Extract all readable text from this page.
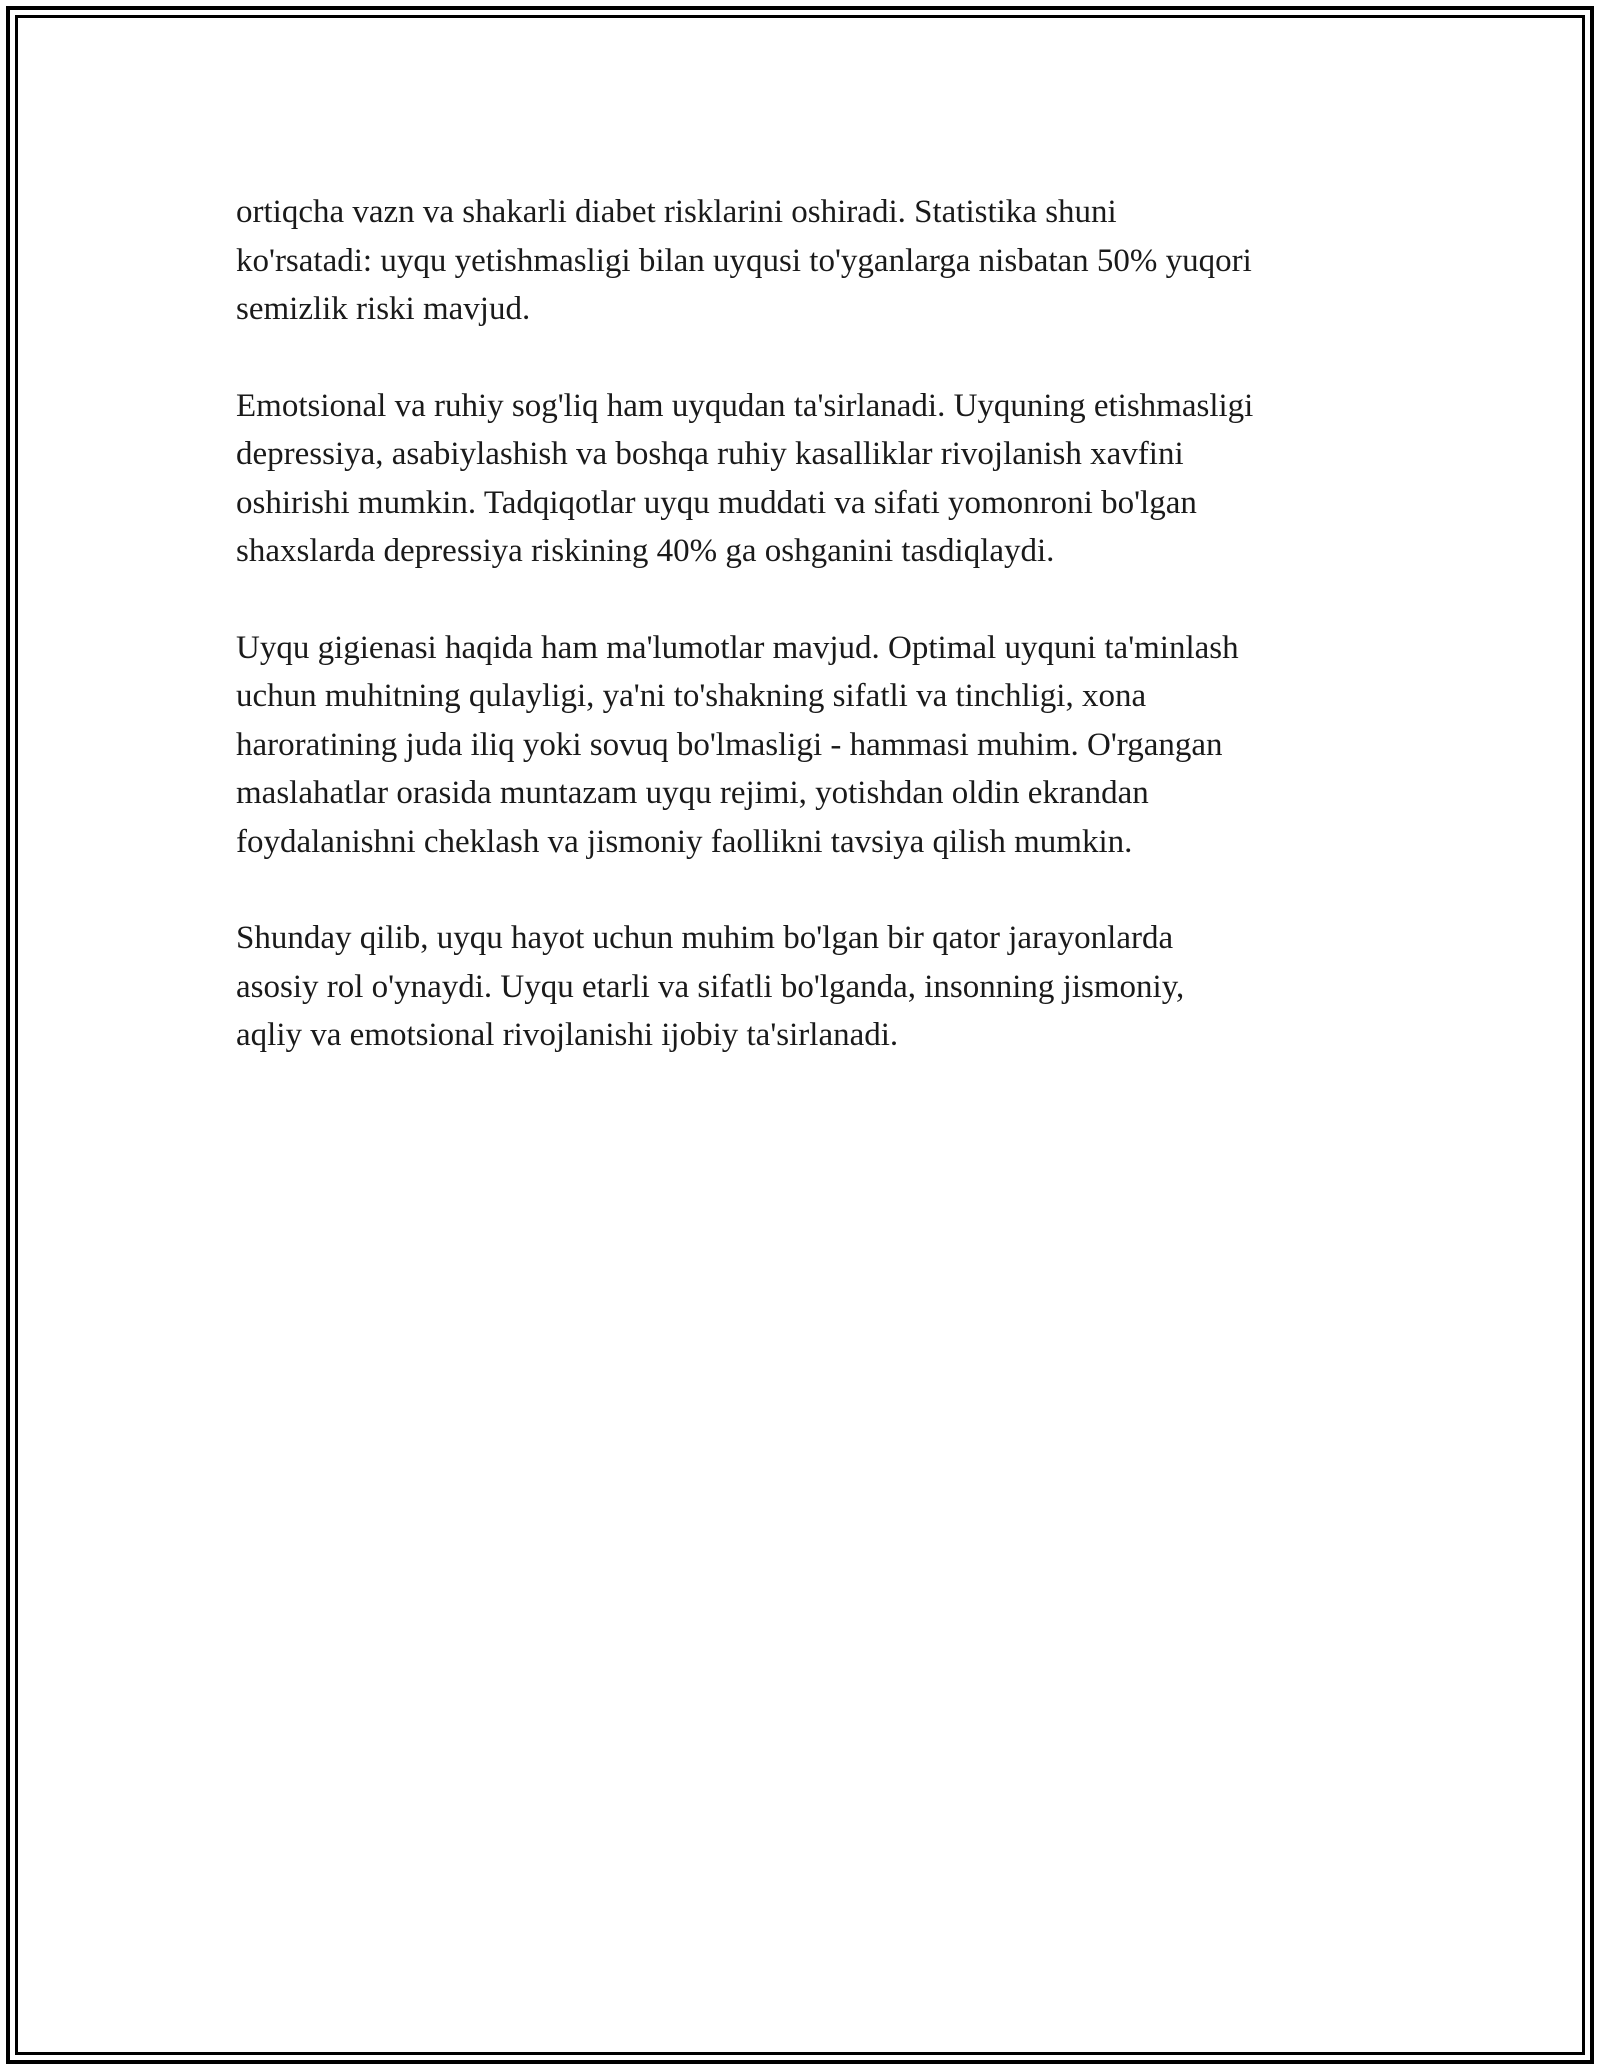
ortiqcha vazn va shakarli diabet risklarini oshiradi. Statistika shuni
ko'rsatadi: uyqu yetishmasligi bilan uyqusi to'yganlarga nisbatan 50% yuqori
semizlik riski mavjud.

Emotsional va ruhiy sog'liq ham uyqudan ta'sirlanadi. Uyquning etishmasligi
depressiya, asabiylashish va boshqa ruhiy kasalliklar rivojlanish xavfini
oshirishi mumkin. Tadqiqotlar uyqu muddati va sifati yomonroni bo'lgan
shaxslarda depressiya riskining 40% ga oshganini tasdiqlaydi.

Uyqu gigienasi haqida ham ma'lumotlar mavjud. Optimal uyquni ta'minlash
uchun muhitning qulayligi, ya'ni to'shakning sifatli va tinchligi, xona
haroratining juda iliq yoki sovuq bo'lmasligi - hammasi muhim. O'rgangan
maslahatlar orasida muntazam uyqu rejimi, yotishdan oldin ekrandan
foydalanishni cheklash va jismoniy faollikni tavsiya qilish mumkin.

Shunday qilib, uyqu hayot uchun muhim bo'lgan bir qator jarayonlarda
asosiy rol o'ynaydi. Uyqu etarli va sifatli bo'lganda, insonning jismoniy,
aqliy va emotsional rivojlanishi ijobiy ta'sirlanadi.
